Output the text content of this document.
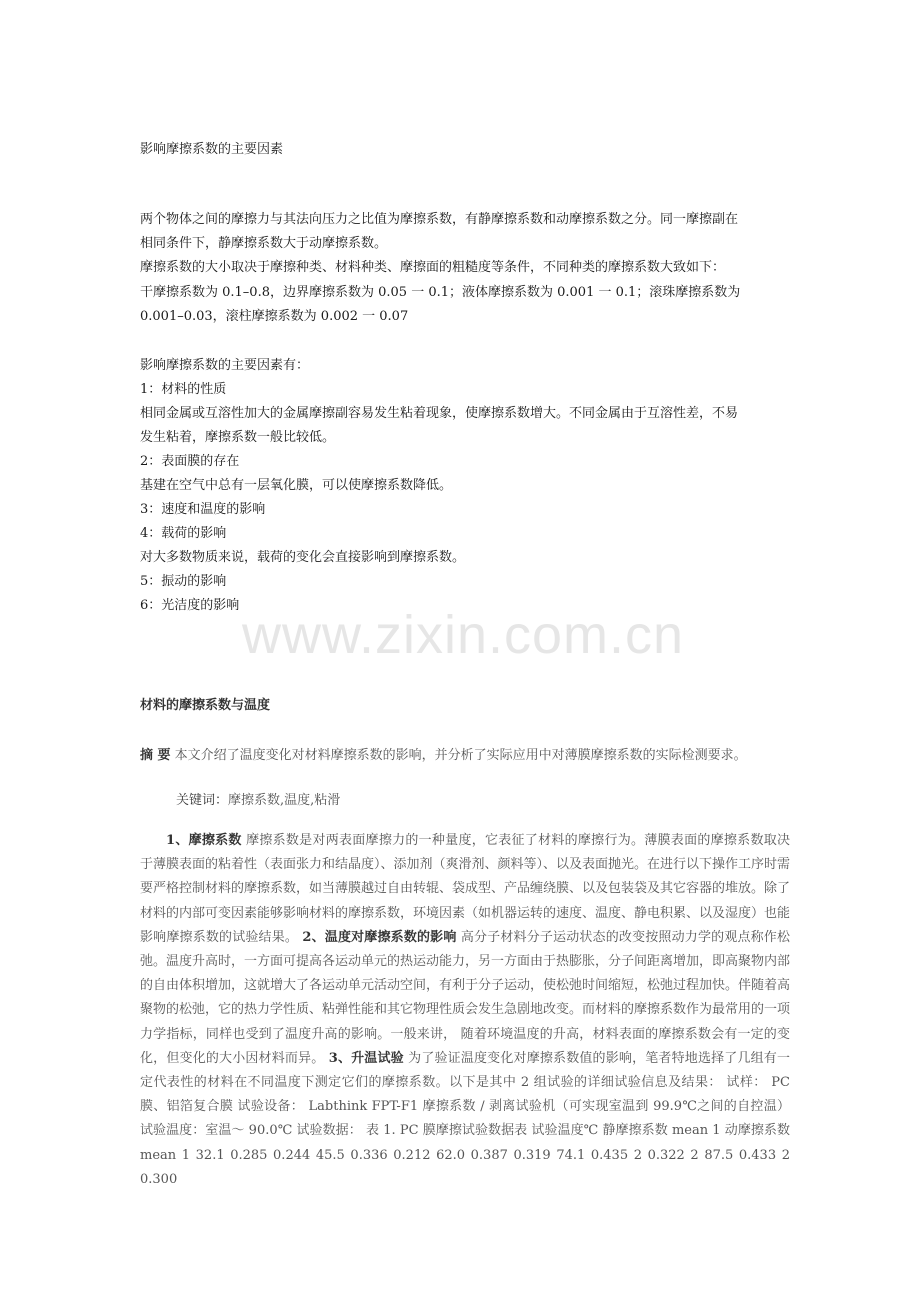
影响摩擦系数的主要因素
两个物体之间的摩擦力与其法向压力之比值为摩擦系数，有静摩擦系数和动摩擦系数之分。同一摩擦副在
相同条件下，静摩擦系数大于动摩擦系数。
摩擦系数的大小取决于摩擦种类、材料种类、摩擦面的粗糙度等条件，不同种类的摩擦系数大致如下：
干摩擦系数为 0.1–0.8，边界摩擦系数为 0.05 一 0.1；液体摩擦系数为 0.001 一 0.1；滚珠摩擦系数为
0.001–0.03，滚柱摩擦系数为 0.002 一 0.07
影响摩擦系数的主要因素有：
1：材料的性质
相同金属或互溶性加大的金属摩擦副容易发生粘着现象，使摩擦系数增大。不同金属由于互溶性差，不易
发生粘着，摩擦系数一般比较低。
2：表面膜的存在
基建在空气中总有一层氧化膜，可以使摩擦系数降低。
3：速度和温度的影响
4：载荷的影响
对大多数物质来说，载荷的变化会直接影响到摩擦系数。
5：振动的影响
6：光洁度的影响
材料的摩擦系数与温度
摘 要 本文介绍了温度变化对材料摩擦系数的影响，并分析了实际应用中对薄膜摩擦系数的实际检测要求。
关键词：摩擦系数,温度,粘滑
1、摩擦系数 摩擦系数是对两表面摩擦力的一种量度，它表征了材料的摩擦行为。薄膜表面的摩擦系数取决于薄膜表面的粘着性（表面张力和结晶度）、添加剂（爽滑剂、颜料等）、以及表面抛光。在进行以下操作工序时需要严格控制材料的摩擦系数，如当薄膜越过自由转辊、袋成型、产品缠绕膜、以及包装袋及其它容器的堆放。除了材料的内部可变因素能够影响材料的摩擦系数，环境因素（如机器运转的速度、温度、静电积累、以及湿度）也能影响摩擦系数的试验结果。 2、温度对摩擦系数的影响 高分子材料分子运动状态的改变按照动力学的观点称作松弛。温度升高时，一方面可提高各运动单元的热运动能力，另一方面由于热膨胀，分子间距离增加，即高聚物内部的自由体积增加，这就增大了各运动单元活动空间，有利于分子运动，使松弛时间缩短，松弛过程加快。伴随着高聚物的松弛，它的热力学性质、粘弹性能和其它物理性质会发生急剧地改变。而材料的摩擦系数作为最常用的一项力学指标，同样也受到了温度升高的影响。一般来讲， 随着环境温度的升高，材料表面的摩擦系数会有一定的变化，但变化的大小因材料而异。 3、升温试验 为了验证温度变化对摩擦系数值的影响，笔者特地选择了几组有一定代表性的材料在不同温度下测定它们的摩擦系数。以下是其中 2 组试验的详细试验信息及结果： 试样： PC 膜、铝箔复合膜 试验设备： Labthink FPT-F1 摩擦系数 / 剥离试验机（可实现室温到 99.9℃之间的自控温） 试验温度：室温～ 90.0℃ 试验数据： 表 1. PC 膜摩擦试验数据表 试验温度℃ 静摩擦系数 mean 1 动摩擦系数 mean 1 32.1 0.285 0.244 45.5 0.336 0.212 62.0 0.387 0.319 74.1 0.435 2 0.322 2 87.5 0.433 2 0.300
www.zixin.com.cn
